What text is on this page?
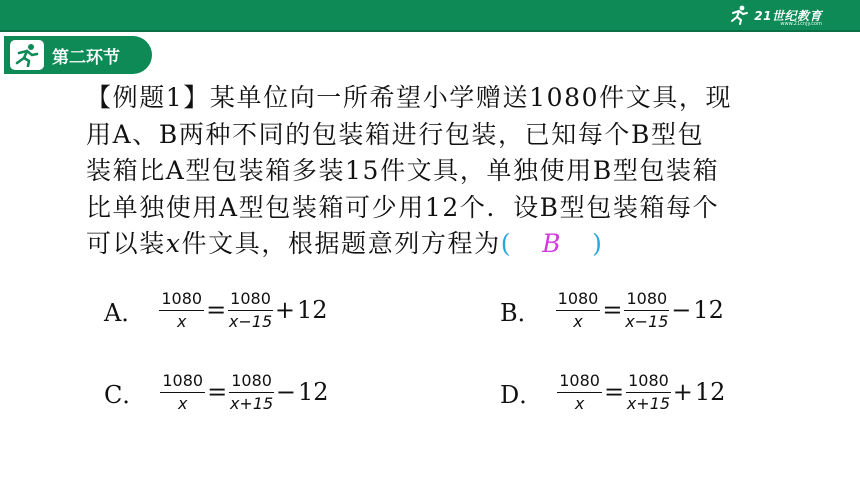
21世纪教育
www.21cnjy.com
第二环节
【例题1】某单位向一所希望小学赠送1080件文具，现
用A、B两种不同的包装箱进行包装，已知每个B型包
装箱比A型包装箱多装15件文具，单独使用B型包装箱
比单独使用A型包装箱可少用12个．设B型包装箱每个
可以装x件文具，根据题意列方程为( B )
A． $\frac{1080}{x} = \frac{1080}{x-15} + 12$	B． $\frac{1080}{x} = \frac{1080}{x-15} - 12$
C． $\frac{1080}{x} = \frac{1080}{x+15} - 12$	D． $\frac{1080}{x} = \frac{1080}{x+15} + 12$
